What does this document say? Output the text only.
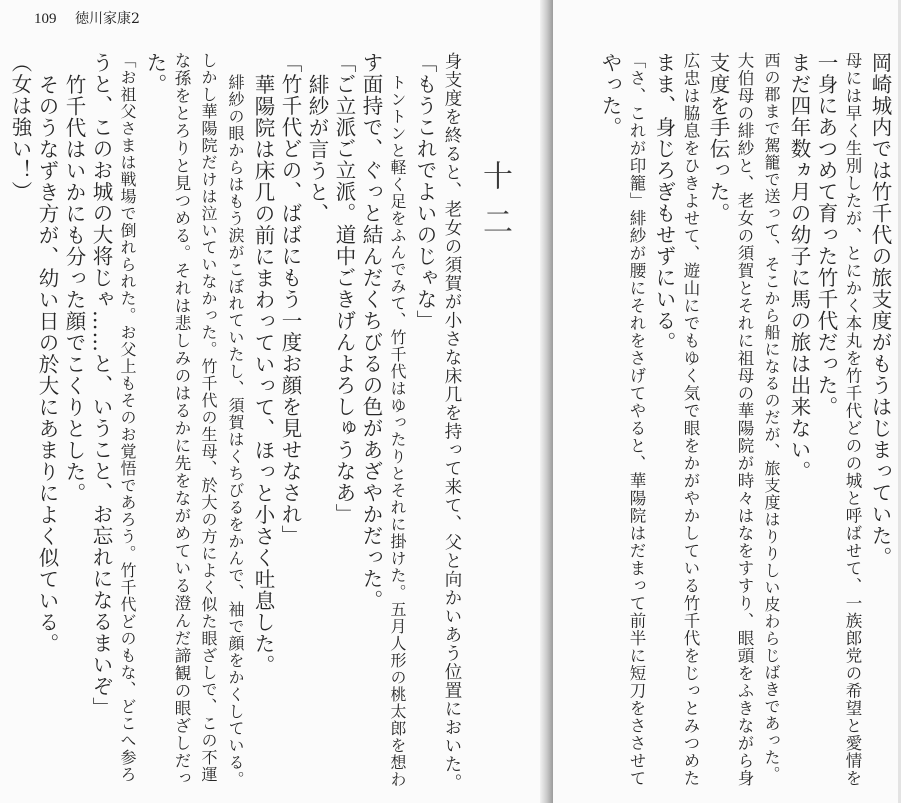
109 徳川家康2
十二
身支度を終ると、老女の須賀が小さな床几を持って来て、父と向かいあう位置においた。
「もうこれでよいのじゃな」
トントンと軽く足をふんでみて、竹千代はゆったりとそれに掛けた。五月人形の桃太郎を想わ
す面持で、ぐっと結んだくちびるの色があざやかだった。
「ご立派ご立派。道中ごきげんよろしゅうなあ」
緋紗が言うと、
「竹千代どの、ばばにもう一度お顔を見せなされ」
華陽院は床几の前にまわっていって、ほっと小さく吐息した。
緋紗の眼からはもう涙がこぼれていたし、須賀はくちびるをかんで、袖で顔をかくしている。
しかし華陽院だけは泣いていなかった。竹千代の生母、於大の方によく似た眼ざしで、この不運
な孫をとろりと見つめる。それは悲しみのはるかに先をながめている澄んだ諦観の眼ざしだっ
た。
「お祖父さまは戦場で倒れられた。お父上もそのお覚悟であろう。竹千代どのもな、どこへ参ろ
うと、このお城の大将じゃ……と、いうこと、お忘れになるまいぞ」
竹千代はいかにも分った顔でこくりとした。
そのうなずき方が、幼い日の於大にあまりによく似ている。
（女は強い！）	岡崎城内では竹千代の旅支度がもうはじまっていた。
母には早く生別したが、とにかく本丸を竹千代どのの城と呼ばせて、一族郎党の希望と愛情を
一身にあつめて育った竹千代だった。
まだ四年数ヵ月の幼子に馬の旅は出来ない。
西の郡まで駕籠で送って、そこから船になるのだが、旅支度はりりしい皮わらじばきであった。
大伯母の緋紗と、老女の須賀とそれに祖母の華陽院が時々はなをすすり、眼頭をふきながら身
支度を手伝った。
広忠は脇息をひきよせて、遊山にでもゆく気で眼をかがやかしている竹千代をじっとみつめた
まま、身じろぎもせずにいる。
「さ、これが印籠」緋紗が腰にそれをさげてやると、華陽院はだまって前半に短刀をささせて
やった。
